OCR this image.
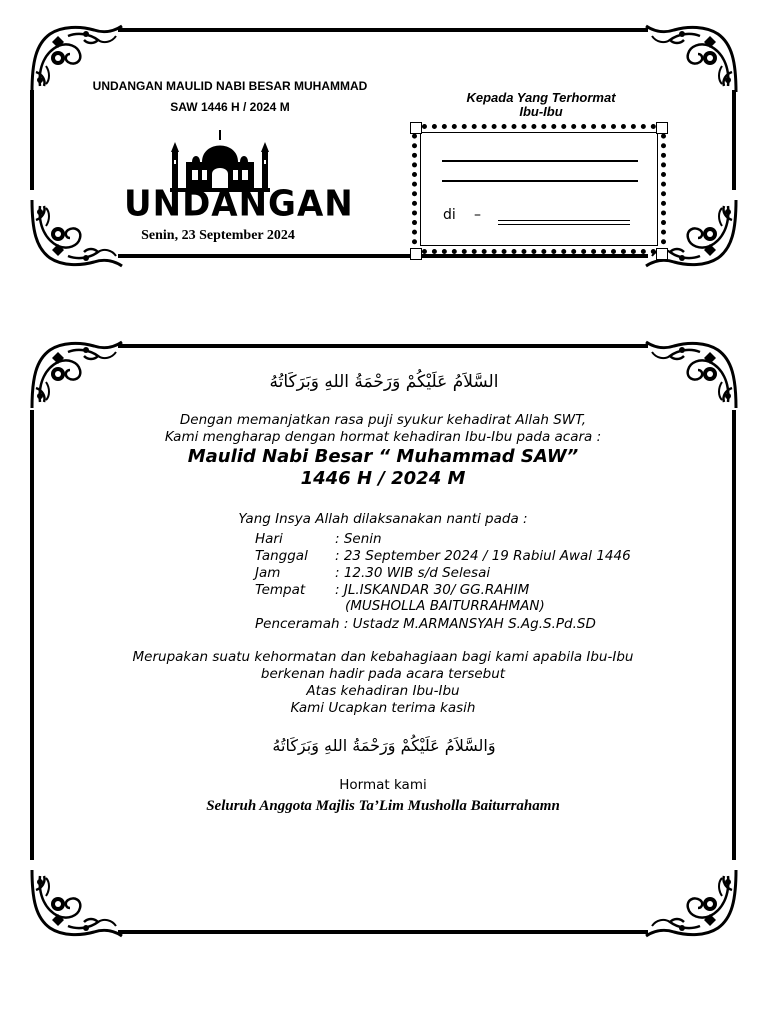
UNDANGAN MAULID NABI BESAR MUHAMMAD
SAW 1446 H / 2024 M
UNDANGAN
Senin, 23 September 2024
Kepada Yang Terhormat
Ibu-Ibu
di –
السَّلاَمُ عَلَيْكُمْ وَرَحْمَةُ اللهِ وَبَرَكَاتُهُ
Dengan memanjatkan rasa puji syukur kehadirat Allah SWT,
Kami mengharap dengan hormat kehadiran Ibu-Ibu pada acara :
Maulid Nabi Besar “ Muhammad SAW”
1446 H / 2024 M
Yang Insya Allah dilaksanakan nanti pada :
Hari	: Senin
Tanggal : 23 September 2024 / 19 Rabiul Awal 1446
Jam	: 12.30 WIB s/d Selesai
Tempat : JL.ISKANDAR 30/ GG.RAHIM
(MUSHOLLA BAITURRAHMAN)
Penceramah : Ustadz M.ARMANSYAH S.Ag.S.Pd.SD
Merupakan suatu kehormatan dan kebahagiaan bagi kami apabila Ibu-Ibu
berkenan hadir pada acara tersebut
Atas kehadiran Ibu-Ibu
Kami Ucapkan terima kasih
وَالسَّلاَمُ عَلَيْكُمْ وَرَحْمَةُ اللهِ وَبَرَكَاتُهُ
Hormat kami
Seluruh Anggota Majlis Ta’Lim Musholla Baiturrahamn
